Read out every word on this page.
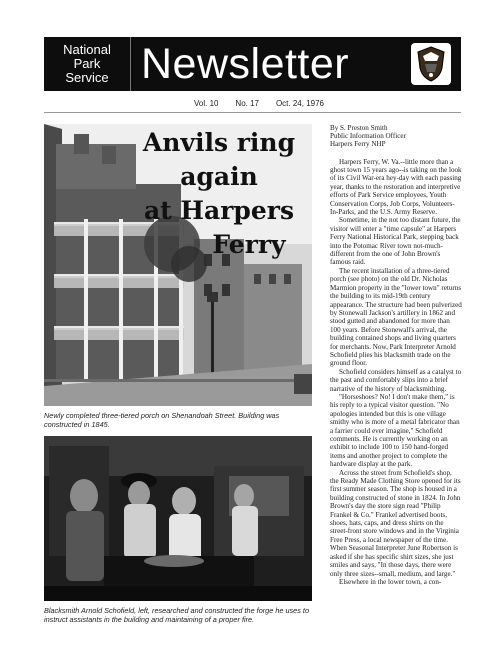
National
Park
Service Newsletter
Vol. 10 No. 17 Oct. 24, 1976
Anvils ring again
at Harpers
Ferry
Newly completed three-tiered porch on Shenandoah Street. Building was constructed in 1845.
Blacksmith Arnold Schofield, left, researched and constructed the forge he uses to instruct assistants in the building and maintaining of a proper fire.
By S. Preston Smith
Public Information Officer
Harpers Ferry NHP

Harpers Ferry, W. Va.--little more than a ghost town 15 years ago--is taking on the look of its Civil War-era hey-day with each passing year, thanks to the restoration and interpretive efforts of Park Service employees, Youth Conservation Corps, Job Corps, Volunteers-In-Parks, and the U.S. Army Reserve.

Sometime, in the not too distant future, the visitor will enter a "time capsule" at Harpers Ferry National Historical Park, stepping back into the Potomac River town not-much-different from the one of John Brown's famous raid.

The recent installation of a three-tiered porch (see photo) on the old Dr. Nicholas Marmion property in the "lower town" returns the building to its mid-19th century appearance. The structure had been pulverized by Stonewall Jackson's artillery in 1862 and stood gutted and abandoned for more than 100 years. Before Stonewall's arrival, the building contained shops and living quarters for merchants. Now, Park Interpreter Arnold Schofield plies his blacksmith trade on the ground floor.

Schofield considers himself as a catalyst to the past and comfortably slips into a brief narrative of the history of blacksmithing.

"Horseshoes? No! I don't make them," is his reply to a typical visitor question. "No apologies intended but this is one village smithy who is more of a metal fabricator than a farrier could ever imagine," Schofield comments. He is currently working on an exhibit to include 100 to 150 hand-forged items and another project to complete the hardware display at the park.

Across the street from Schofield's shop, the Ready Made Clothing Store opened for its first summer season. The shop is housed in a building constructed of stone in 1824. In John Brown's day the store sign read "Philip Frankel & Co." Frankel advertised boots, shoes, hats, caps, and dress shirts on the street-front store windows and in the Virginia Free Press, a local newspaper of the time. When Seasonal Interpreter June Robertson is asked if she has specific shirt sizes, she just smiles and says, "In those days, there were only three sizes--small, medium, and large."

Elsewhere in the lower town, a con-
